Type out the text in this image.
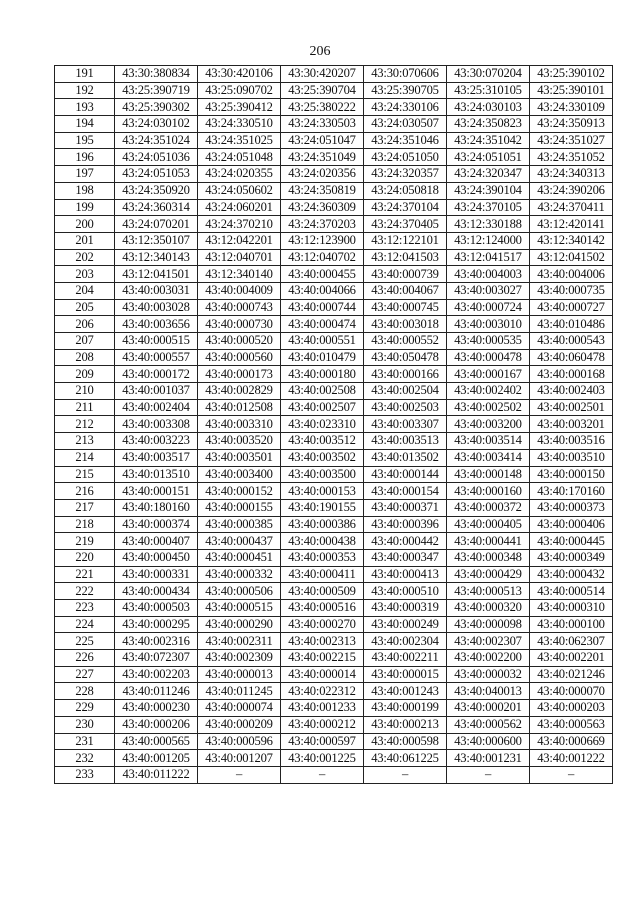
206
191	43:30:380834	43:30:420106	43:30:420207	43:30:070606	43:30:070204	43:25:390102
192	43:25:390719	43:25:090702	43:25:390704	43:25:390705	43:25:310105	43:25:390101
193	43:25:390302	43:25:390412	43:25:380222	43:24:330106	43:24:030103	43:24:330109
194	43:24:030102	43:24:330510	43:24:330503	43:24:030507	43:24:350823	43:24:350913
195	43:24:351024	43:24:351025	43:24:051047	43:24:351046	43:24:351042	43:24:351027
196	43:24:051036	43:24:051048	43:24:351049	43:24:051050	43:24:051051	43:24:351052
197	43:24:051053	43:24:020355	43:24:020356	43:24:320357	43:24:320347	43:24:340313
198	43:24:350920	43:24:050602	43:24:350819	43:24:050818	43:24:390104	43:24:390206
199	43:24:360314	43:24:060201	43:24:360309	43:24:370104	43:24:370105	43:24:370411
200	43:24:070201	43:24:370210	43:24:370203	43:24:370405	43:12:330188	43:12:420141
201	43:12:350107	43:12:042201	43:12:123900	43:12:122101	43:12:124000	43:12:340142
202	43:12:340143	43:12:040701	43:12:040702	43:12:041503	43:12:041517	43:12:041502
203	43:12:041501	43:12:340140	43:40:000455	43:40:000739	43:40:004003	43:40:004006
204	43:40:003031	43:40:004009	43:40:004066	43:40:004067	43:40:003027	43:40:000735
205	43:40:003028	43:40:000743	43:40:000744	43:40:000745	43:40:000724	43:40:000727
206	43:40:003656	43:40:000730	43:40:000474	43:40:003018	43:40:003010	43:40:010486
207	43:40:000515	43:40:000520	43:40:000551	43:40:000552	43:40:000535	43:40:000543
208	43:40:000557	43:40:000560	43:40:010479	43:40:050478	43:40:000478	43:40:060478
209	43:40:000172	43:40:000173	43:40:000180	43:40:000166	43:40:000167	43:40:000168
210	43:40:001037	43:40:002829	43:40:002508	43:40:002504	43:40:002402	43:40:002403
211	43:40:002404	43:40:012508	43:40:002507	43:40:002503	43:40:002502	43:40:002501
212	43:40:003308	43:40:003310	43:40:023310	43:40:003307	43:40:003200	43:40:003201
213	43:40:003223	43:40:003520	43:40:003512	43:40:003513	43:40:003514	43:40:003516
214	43:40:003517	43:40:003501	43:40:003502	43:40:013502	43:40:003414	43:40:003510
215	43:40:013510	43:40:003400	43:40:003500	43:40:000144	43:40:000148	43:40:000150
216	43:40:000151	43:40:000152	43:40:000153	43:40:000154	43:40:000160	43:40:170160
217	43:40:180160	43:40:000155	43:40:190155	43:40:000371	43:40:000372	43:40:000373
218	43:40:000374	43:40:000385	43:40:000386	43:40:000396	43:40:000405	43:40:000406
219	43:40:000407	43:40:000437	43:40:000438	43:40:000442	43:40:000441	43:40:000445
220	43:40:000450	43:40:000451	43:40:000353	43:40:000347	43:40:000348	43:40:000349
221	43:40:000331	43:40:000332	43:40:000411	43:40:000413	43:40:000429	43:40:000432
222	43:40:000434	43:40:000506	43:40:000509	43:40:000510	43:40:000513	43:40:000514
223	43:40:000503	43:40:000515	43:40:000516	43:40:000319	43:40:000320	43:40:000310
224	43:40:000295	43:40:000290	43:40:000270	43:40:000249	43:40:000098	43:40:000100
225	43:40:002316	43:40:002311	43:40:002313	43:40:002304	43:40:002307	43:40:062307
226	43:40:072307	43:40:002309	43:40:002215	43:40:002211	43:40:002200	43:40:002201
227	43:40:002203	43:40:000013	43:40:000014	43:40:000015	43:40:000032	43:40:021246
228	43:40:011246	43:40:011245	43:40:022312	43:40:001243	43:40:040013	43:40:000070
229	43:40:000230	43:40:000074	43:40:001233	43:40:000199	43:40:000201	43:40:000203
230	43:40:000206	43:40:000209	43:40:000212	43:40:000213	43:40:000562	43:40:000563
231	43:40:000565	43:40:000596	43:40:000597	43:40:000598	43:40:000600	43:40:000669
232	43:40:001205	43:40:001207	43:40:001225	43:40:061225	43:40:001231	43:40:001222
233	43:40:011222	–	–	–	–	–
